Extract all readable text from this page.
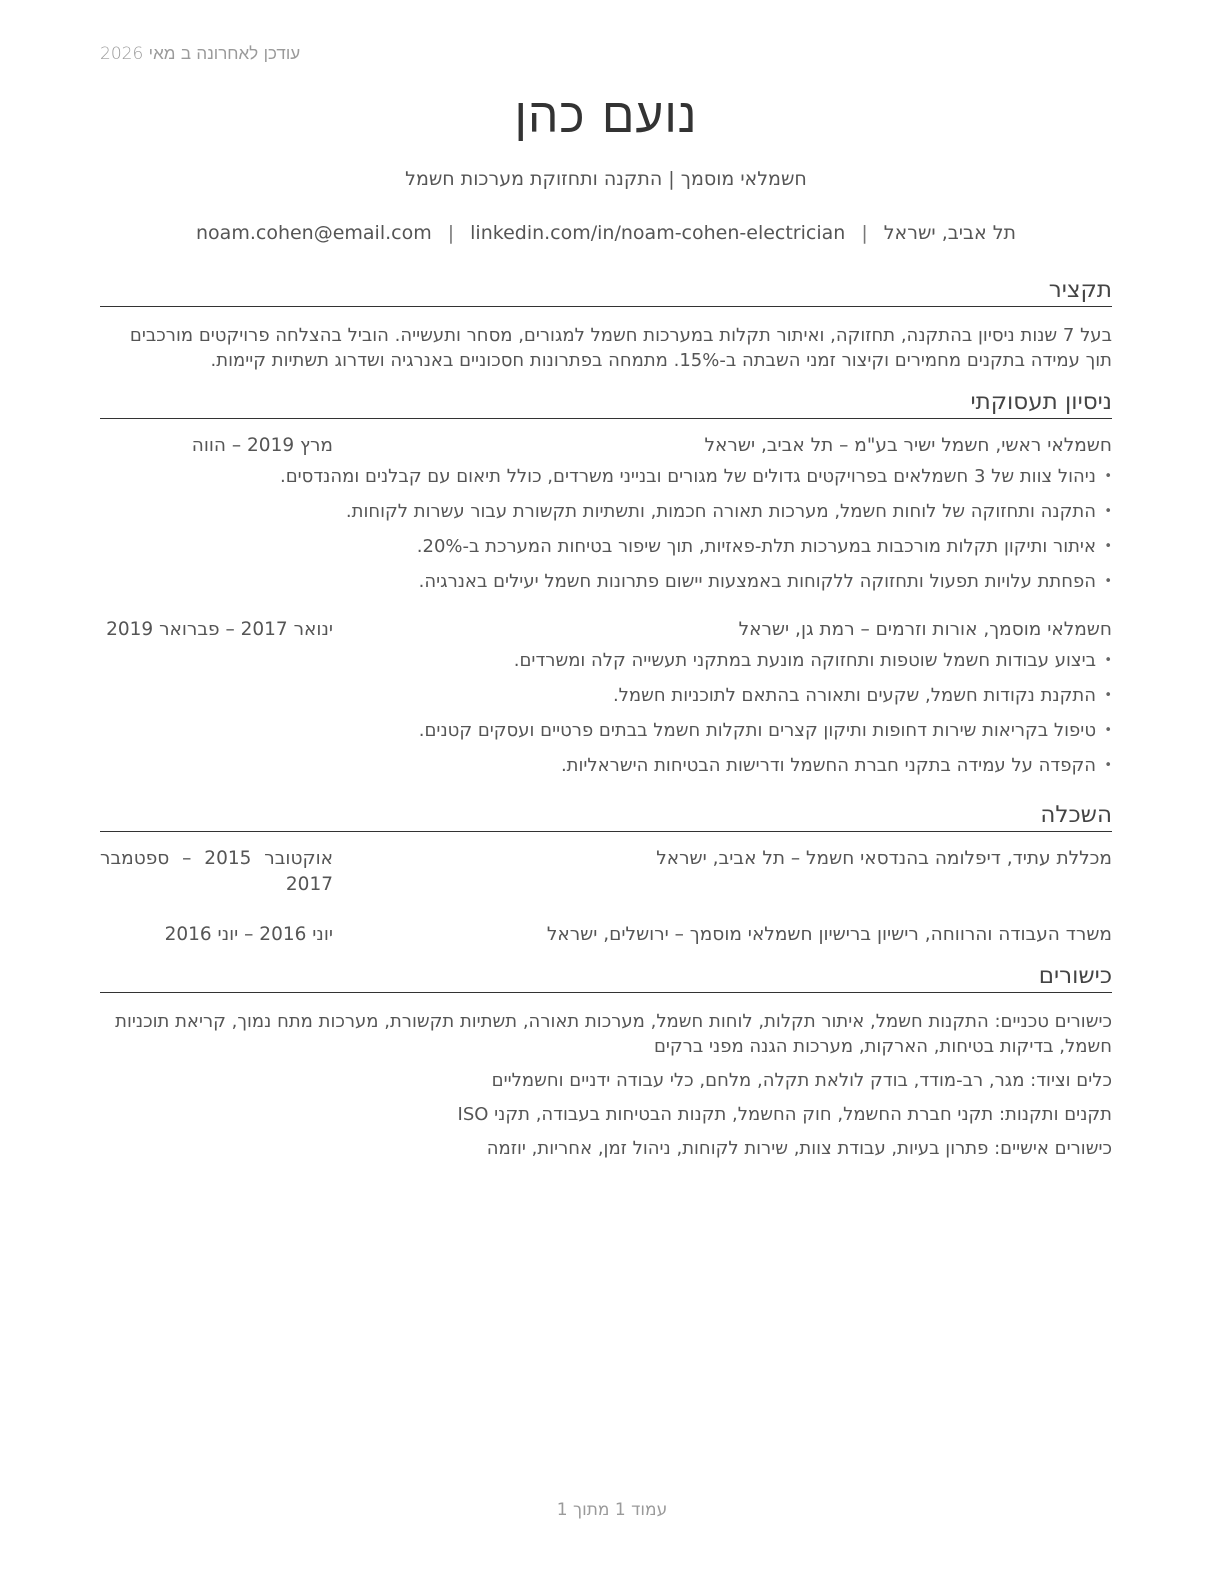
עודכן לאחרונה ב מאי 2026
נועם כהן
חשמלאי מוסמך | התקנה ותחזוקת מערכות חשמל
תל אביב, ישראל|noam.cohen@email.com | linkedin.com/in/noam-cohen-electrician
תקציר
בעל 7 שנות ניסיון בהתקנה, תחזוקה, ואיתור תקלות במערכות חשמל למגורים, מסחר ותעשייה. הוביל בהצלחה פרויקטים מורכבים תוך עמידה בתקנים מחמירים וקיצור זמני השבתה ב-15%. מתמחה בפתרונות חסכוניים באנרגיה ושדרוג תשתיות קיימות.
ניסיון תעסוקתי
חשמלאי ראשי, חשמל ישיר בע"מ – תל אביב, ישראל
מרץ 2019 – הווה
• ניהול צוות של 3 חשמלאים בפרויקטים גדולים של מגורים ובנייני משרדים, כולל תיאום עם קבלנים ומהנדסים.
• התקנה ותחזוקה של לוחות חשמל, מערכות תאורה חכמות, ותשתיות תקשורת עבור עשרות לקוחות.
• איתור ותיקון תקלות מורכבות במערכות תלת-פאזיות, תוך שיפור בטיחות המערכת ב-20%.
• הפחתת עלויות תפעול ותחזוקה ללקוחות באמצעות יישום פתרונות חשמל יעילים באנרגיה.
חשמלאי מוסמך, אורות וזרמים – רמת גן, ישראל
ינואר 2017 – פברואר 2019
• ביצוע עבודות חשמל שוטפות ותחזוקה מונעת במתקני תעשייה קלה ומשרדים.
• התקנת נקודות חשמל, שקעים ותאורה בהתאם לתוכניות חשמל.
• טיפול בקריאות שירות דחופות ותיקון קצרים ותקלות חשמל בבתים פרטיים ועסקים קטנים.
• הקפדה על עמידה בתקני חברת החשמל ודרישות הבטיחות הישראליות.
השכלה
מכללת עתיד, דיפלומה בהנדסאי חשמל – תל אביב, ישראל
אוקטובר 2015 – ספטמבר 2017
משרד העבודה והרווחה, רישיון ברישיון חשמלאי מוסמך – ירושלים, ישראל
יוני 2016 – יוני 2016
כישורים
כישורים טכניים: התקנות חשמל, איתור תקלות, לוחות חשמל, מערכות תאורה, תשתיות תקשורת, מערכות מתח נמוך, קריאת תוכניות חשמל, בדיקות בטיחות, הארקות, מערכות הגנה מפני ברקים
כלים וציוד: מגר, רב-מודד, בודק לולאת תקלה, מלחם, כלי עבודה ידניים וחשמליים
תקנים ותקנות: תקני חברת החשמל, חוק החשמל, תקנות הבטיחות בעבודה, תקני ISO
כישורים אישיים: פתרון בעיות, עבודת צוות, שירות לקוחות, ניהול זמן, אחריות, יוזמה
עמוד 1 מתוך 1
